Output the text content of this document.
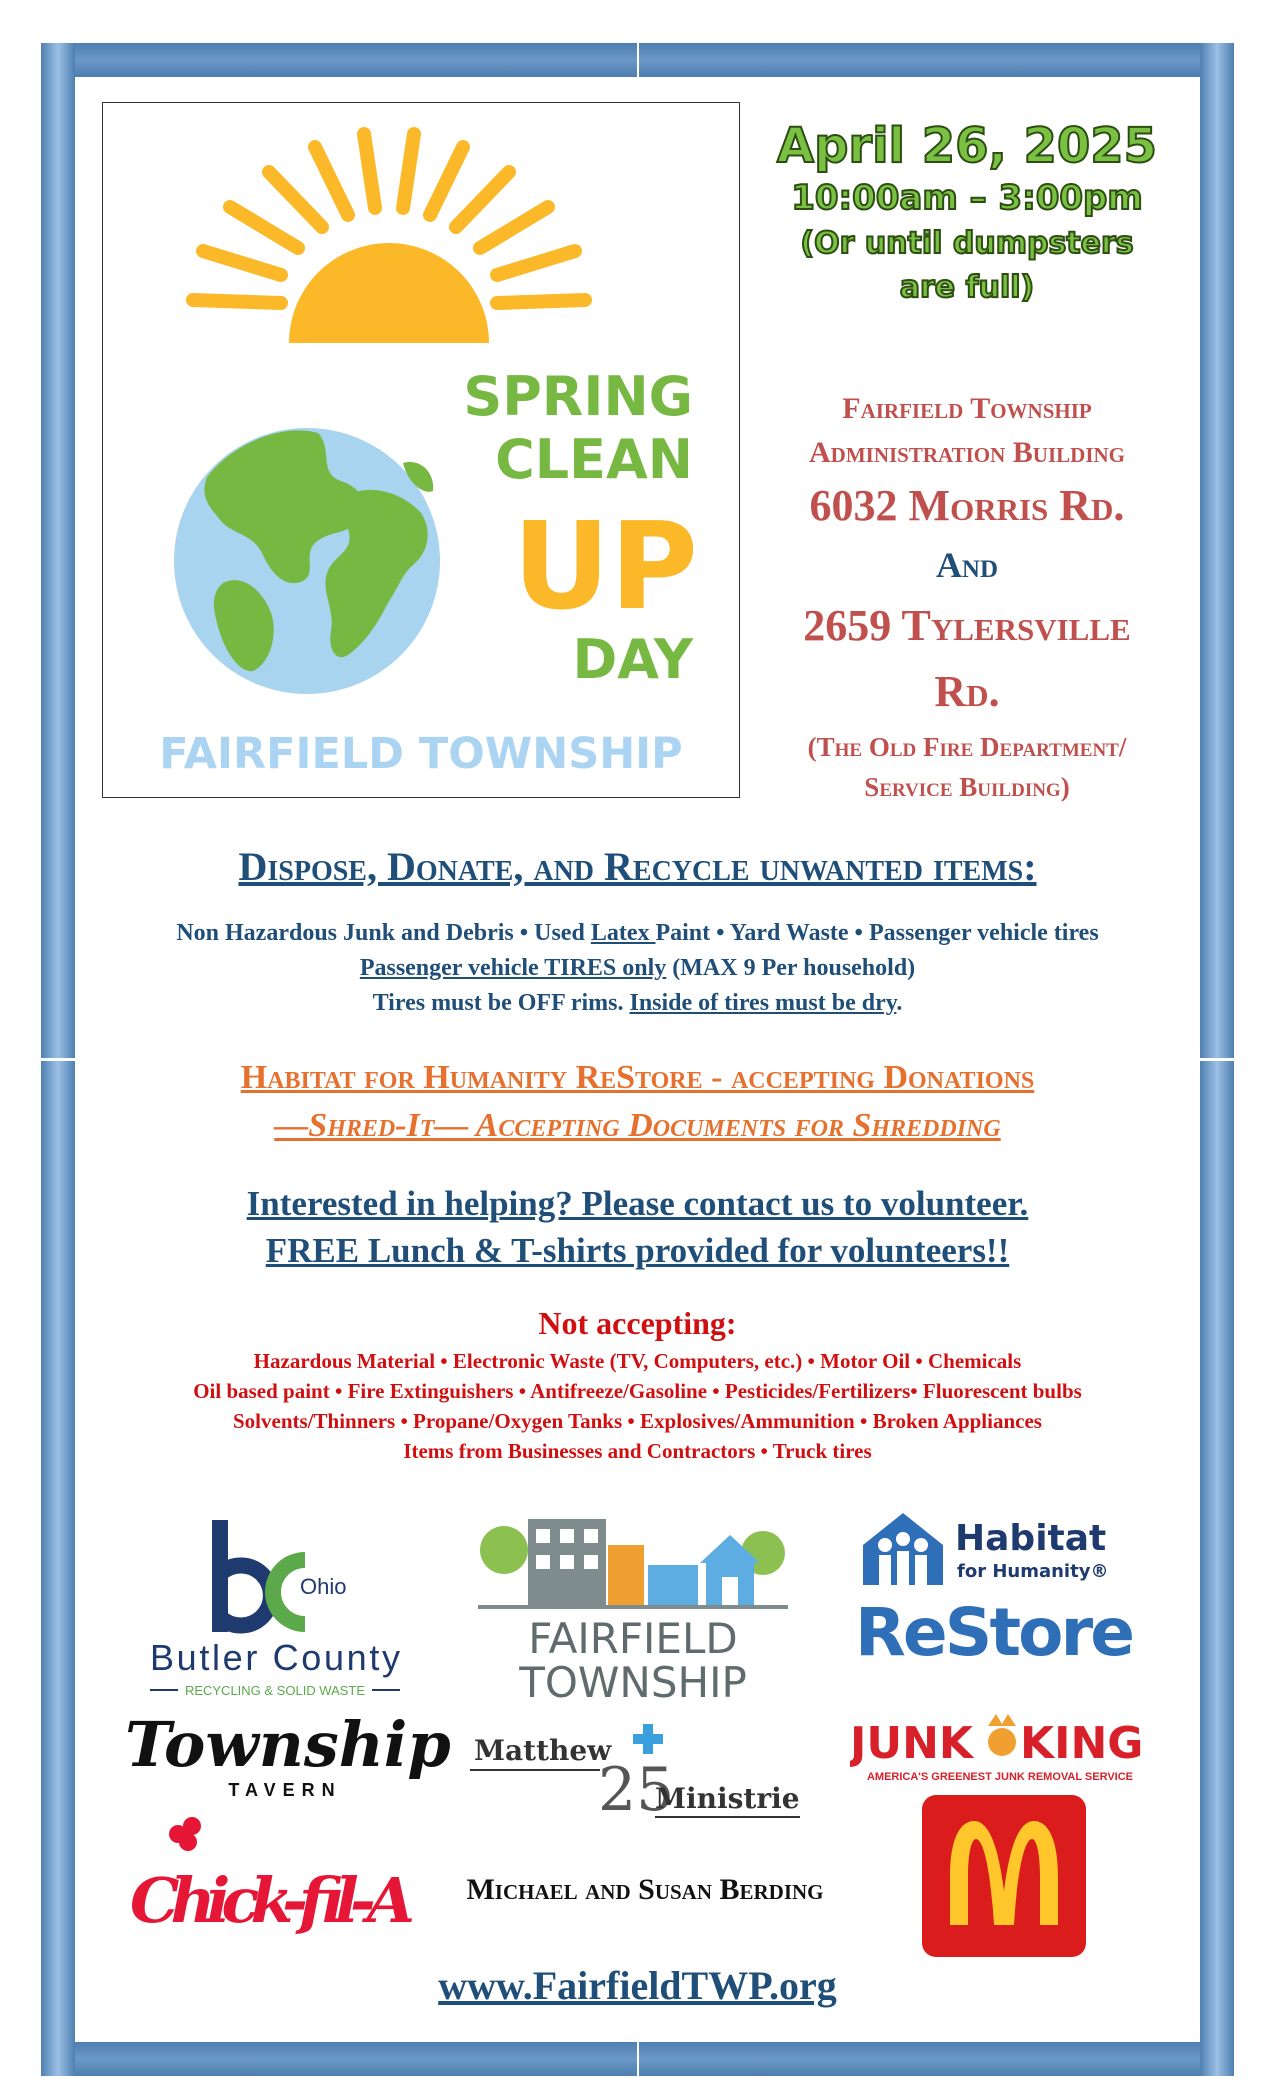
SPRING
CLEAN
UP
DAY
FAIRFIELD TOWNSHIP
April 26, 2025
10:00am – 3:00pm
(Or until dumpsters
are full)
Fairfield Township
Administration Building
6032 Morris Rd.
And
2659 Tylersville
Rd.
(The Old Fire Department/
Service Building)
Dispose, Donate, and Recycle unwanted items:
Non Hazardous Junk and Debris • Used Latex Paint • Yard Waste • Passenger vehicle tires
Passenger vehicle TIRES only (MAX 9 Per household)
Tires must be OFF rims. Inside of tires must be dry.
Habitat for Humanity ReStore - accepting Donations
—Shred-It— Accepting Documents for Shredding
Interested in helping? Please contact us to volunteer.
FREE Lunch & T-shirts provided for volunteers!!
Not accepting:
Hazardous Material • Electronic Waste (TV, Computers, etc.) • Motor Oil • Chemicals
Oil based paint • Fire Extinguishers • Antifreeze/Gasoline • Pesticides/Fertilizers• Fluorescent bulbs
Solvents/Thinners • Propane/Oxygen Tanks • Explosives/Ammunition • Broken Appliances
Items from Businesses and Contractors • Truck tires
Ohio
Butler County
RECYCLING & SOLID WASTE
FAIRFIELD
TOWNSHIP
Habitat
for Humanity®
ReStore
Township
TAVERN
Matthew
25
Ministries
JUNK KING
AMERICA'S GREENEST JUNK REMOVAL SERVICE
Chick-fil-A	Michael and Susan Berding
www.FairfieldTWP.org
